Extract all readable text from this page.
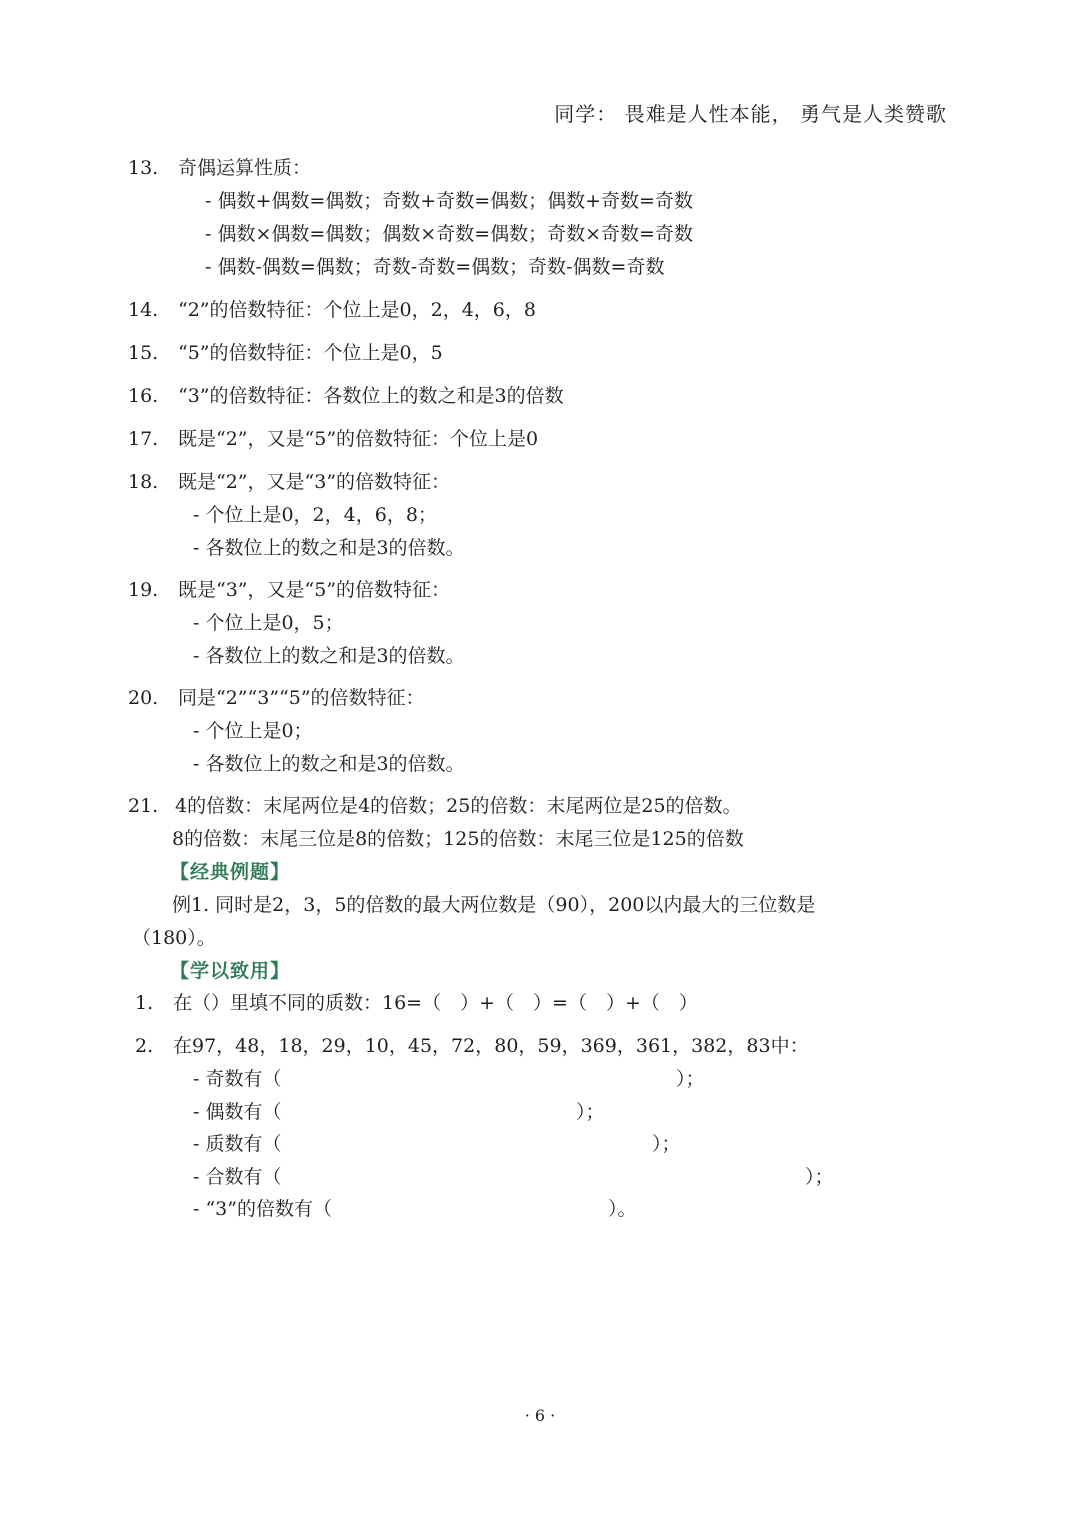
同学： 畏难是人性本能， 勇气是人类赞歌
13. 奇偶运算性质：
- 偶数+偶数=偶数；奇数+奇数=偶数；偶数+奇数=奇数
- 偶数×偶数=偶数；偶数×奇数=偶数；奇数×奇数=奇数
- 偶数-偶数=偶数；奇数-奇数=偶数；奇数-偶数=奇数
14. “2”的倍数特征：个位上是0，2，4，6，8
15. “5”的倍数特征：个位上是0，5
16. “3”的倍数特征：各数位上的数之和是3的倍数
17. 既是“2”，又是“5”的倍数特征：个位上是0
18. 既是“2”，又是“3”的倍数特征：
- 个位上是0，2，4，6，8；
- 各数位上的数之和是3的倍数。
19. 既是“3”，又是“5”的倍数特征：
- 个位上是0，5；
- 各数位上的数之和是3的倍数。
20. 同是“2”“3”“5”的倍数特征：
- 个位上是0；
- 各数位上的数之和是3的倍数。
21. 4的倍数：末尾两位是4的倍数；25的倍数：末尾两位是25的倍数。
8的倍数：末尾三位是8的倍数；125的倍数：末尾三位是125的倍数
【经典例题】
例1. 同时是2，3，5的倍数的最大两位数是（90），200以内最大的三位数是
（180）。
【学以致用】
1. 在（）里填不同的质数：16=（　）+（　）=（　）+（　）
2. 在97，48，18，29，10，45，72，80，59，369，361，382，83中：
- 奇数有（	）；
- 偶数有（	）；
- 质数有（	）；
- 合数有（	）；
- “3”的倍数有（	）。
· 6 ·
